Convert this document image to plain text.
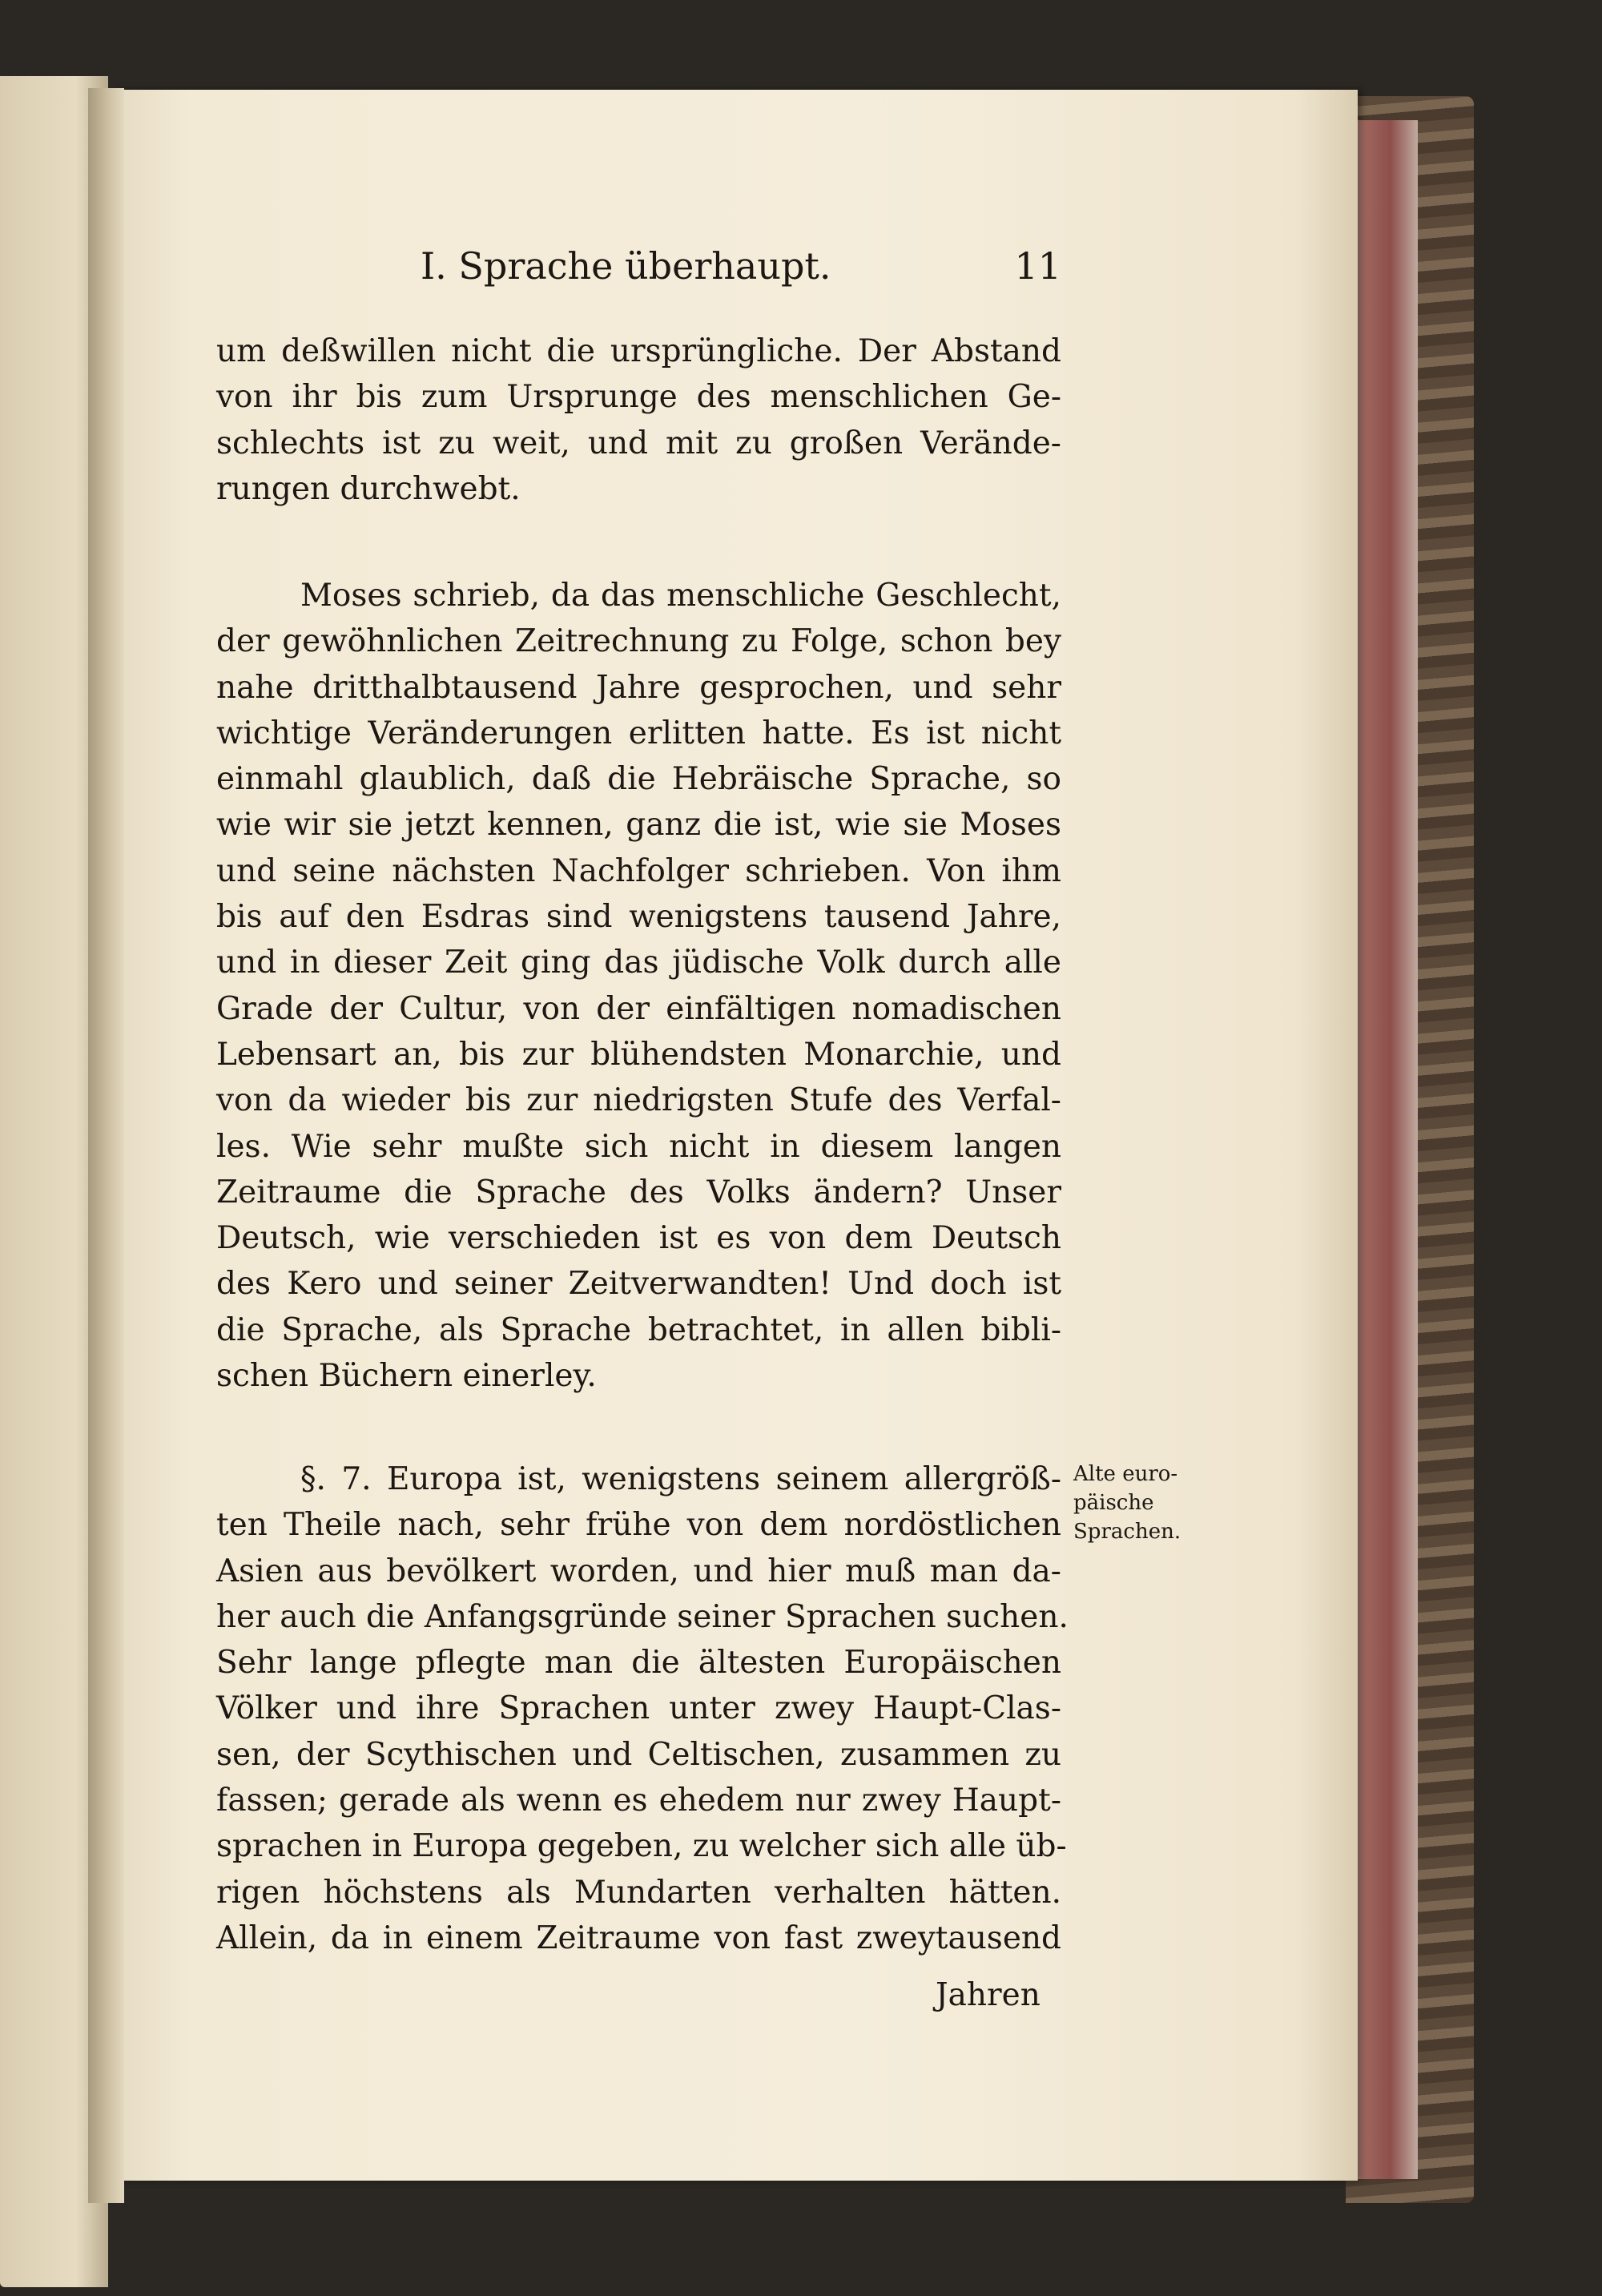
I. Sprache überhaupt.	11
um deßwillen nicht die ursprüngliche. Der Abstand
von ihr bis zum Ursprunge des menschlichen Ge-
schlechts ist zu weit, und mit zu großen Verände-
rungen durchwebt.
Moses schrieb, da das menschliche Geschlecht,
der gewöhnlichen Zeitrechnung zu Folge, schon bey
nahe dritthalbtausend Jahre gesprochen, und sehr
wichtige Veränderungen erlitten hatte. Es ist nicht
einmahl glaublich, daß die Hebräische Sprache, so
wie wir sie jetzt kennen, ganz die ist, wie sie Moses
und seine nächsten Nachfolger schrieben. Von ihm
bis auf den Esdras sind wenigstens tausend Jahre,
und in dieser Zeit ging das jüdische Volk durch alle
Grade der Cultur, von der einfältigen nomadischen
Lebensart an, bis zur blühendsten Monarchie, und
von da wieder bis zur niedrigsten Stufe des Verfal-
les. Wie sehr mußte sich nicht in diesem langen
Zeitraume die Sprache des Volks ändern? Unser
Deutsch, wie verschieden ist es von dem Deutsch
des Kero und seiner Zeitverwandten! Und doch ist
die Sprache, als Sprache betrachtet, in allen bibli-
schen Büchern einerley.
§. 7. Europa ist, wenigstens seinem allergröß-
ten Theile nach, sehr frühe von dem nordöstlichen
Asien aus bevölkert worden, und hier muß man da-
her auch die Anfangsgründe seiner Sprachen suchen.
Sehr lange pflegte man die ältesten Europäischen
Völker und ihre Sprachen unter zwey Haupt-Clas-
sen, der Scythischen und Celtischen, zusammen zu
fassen; gerade als wenn es ehedem nur zwey Haupt-
sprachen in Europa gegeben, zu welcher sich alle üb-
rigen höchstens als Mundarten verhalten hätten.
Allein, da in einem Zeitraume von fast zweytausend
Alte euro-
päische
Sprachen.
Jahren
